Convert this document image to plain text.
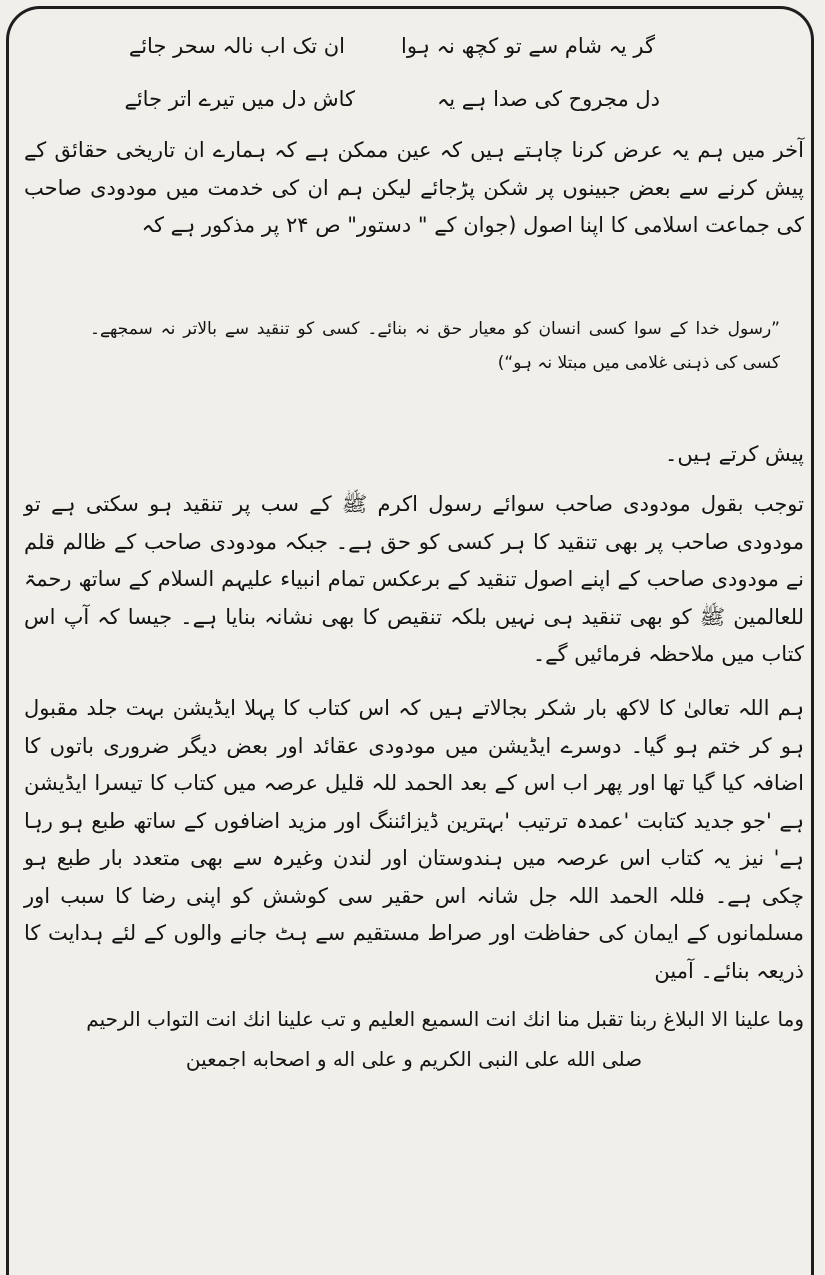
گر یہ شام سے تو کچھ نہ ہوا
ان تک اب نالہ سحر جائے
دل مجروح کی صدا ہے یہ
کاش دل میں تیرے اتر جائے

آخر میں ہم یہ عرض کرنا چاہتے ہیں کہ عین ممکن ہے کہ ہمارے ان تاریخی حقائق کے پیش کرنے سے بعض جبینوں پر شکن پڑجائے لیکن ہم ان کی خدمت میں مودودی صاحب کی جماعت اسلامی کا اپنا اصول (جوان کے " دستور" ص ۲۴ پر مذکور ہے کہ

”رسول خدا کے سوا کسی انسان کو معیار حق نہ بنائے۔ کسی کو تنقید سے بالاتر نہ سمجھے۔ کسی کی ذہنی غلامی میں مبتلا نہ ہو“)

پیش کرتے ہیں۔

توجب بقول مودودی صاحب سوائے رسول اکرم ﷺ کے سب پر تنقید ہو سکتی ہے تو مودودی صاحب پر بھی تنقید کا ہر کسی کو حق ہے۔ جبکہ مودودی صاحب کے ظالم قلم نے مودودی صاحب کے اپنے اصول تنقید کے برعکس تمام انبیاء علیہم السلام کے ساتھ رحمۃ للعالمین ﷺ کو بھی تنقید ہی نہیں بلکہ تنقیص کا بھی نشانہ بنایا ہے۔ جیسا کہ آپ اس کتاب میں ملاحظہ فرمائیں گے۔

ہم اللہ تعالیٰ کا لاکھ بار شکر بجالاتے ہیں کہ اس کتاب کا پہلا ایڈیشن بہت جلد مقبول ہو کر ختم ہو گیا۔ دوسرے ایڈیشن میں مودودی عقائد اور بعض دیگر ضروری باتوں کا اضافہ کیا گیا تھا اور پھر اب اس کے بعد الحمد للہ قلیل عرصہ میں کتاب کا تیسرا ایڈیشن ہے 'جو جدید کتابت 'عمدہ ترتیب 'بہترین ڈیزائننگ اور مزید اضافوں کے ساتھ طبع ہو رہا ہے' نیز یہ کتاب اس عرصہ میں ہندوستان اور لندن وغیرہ سے بھی متعدد بار طبع ہو چکی ہے۔ فللہ الحمد اللہ جل شانہ اس حقیر سی کوشش کو اپنی رضا کا سبب اور مسلمانوں کے ایمان کی حفاظت اور صراط مستقیم سے ہٹ جانے والوں کے لئے ہدایت کا ذریعہ بنائے۔ آمین

وما علینا الا البلاغ ربنا تقبل منا انك انت السميع العليم و تب علينا انك انت التواب الرحيم

صلى الله على النبى الكريم و على اله و اصحابه اجمعين
